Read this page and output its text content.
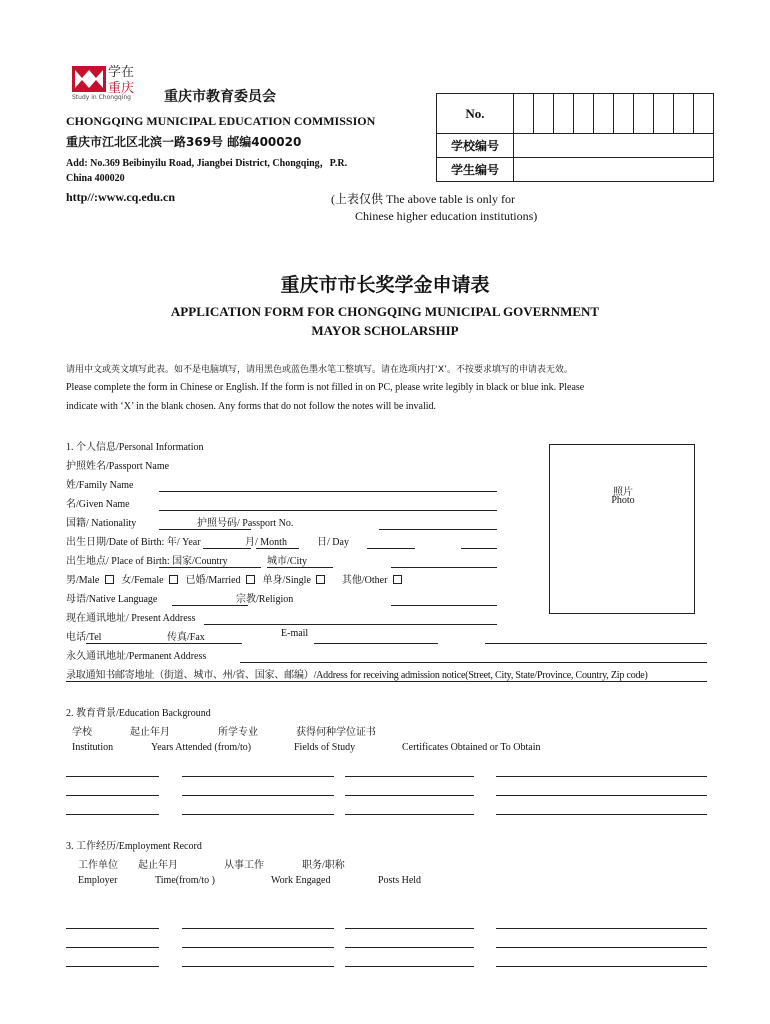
学在
重庆
Study in Chongqing 重庆市教育委员会
CHONGQING MUNICIPAL EDUCATION COMMISSION
重庆市江北区北滨一路369号 邮编400020
Add: No.369 Beibinyilu Road, Jiangbei District, Chongqing，P.R.
China 400020
http//:www.cq.edu.cn
No.										
学校编号										
学生编号										
(上表仅供 The above table is only for
Chinese higher education institutions)
重庆市市长奖学金申请表
APPLICATION FORM FOR CHONGQING MUNICIPAL GOVERNMENT
MAYOR SCHOLARSHIP
请用中文或英文填写此表。如不是电脑填写，请用黑色或蓝色墨水笔工整填写。请在选项内打‘X’。不按要求填写的申请表无效。
Please complete the form in Chinese or English. If the form is not filled in on PC, please write legibly in black or blue ink. Please
indicate with ‘X’ in the blank chosen. Any forms that do not follow the notes will be invalid.
1. 个人信息/Personal Information
护照姓名/Passport Name
姓/Family Name
名/Given Name
国籍/ Nationality	护照号码/ Passport No.
出生日期/Date of Birth: 年/ Year	月/ Month	日/ Day
出生地点/ Place of Birth: 国家/Country	城市/City
男/Male 女/Female 已婚/Married 单身/Single	其他/Other
母语/Native Language	宗教/Religion
现在通讯地址/ Present Address
电话/Tel	传真/Fax	E-mail
永久通讯地址/Permanent Address
录取通知书邮寄地址（街道、城市、州/省、国家、邮编）/Address for receiving admission notice(Street, City, State/Province, Country, Zip code)
照片
Photo
2. 教育背景/Education Background
学校	起止年月	所学专业	获得何种学位证书
Institution	Years Attended (from/to)	Fields of Study	Certificates Obtained or To Obtain
3. 工作经历/Employment Record
工作单位 起止年月	从事工作	职务/职称
Employer	Time(from/to )	Work Engaged	Posts Held
